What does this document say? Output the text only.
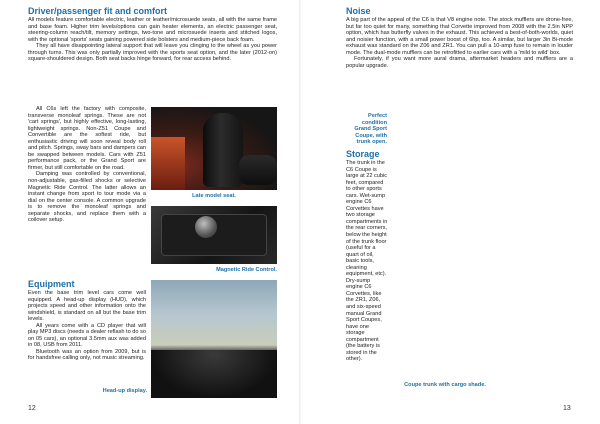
Driver/passenger fit and comfort

All models feature comfortable electric, leather or leather/microsuede seats, all with the same frame and base foam. Higher trim levels/options can gain heater elements, an electric passenger seat, steering-column reach/tilt, memory settings, two-tone and microsuede inserts and stitched logos, with the optional 'sports' seats gaining powered side bolsters and medium-piece back foam.

They all have disappointing lateral support that will leave you clinging to the wheel as you power through turns. This was only partially improved with the sports seat option, and the later (2012-on) square-shouldered design. Both seat backs hinge forward, for rear access behind.

All C6s left the factory with composite, transverse monoleaf springs. These are not 'cart springs', but highly effective, long-lasting, lightweight springs. Non-Z51 Coupe and Convertible are the softest ride, but enthusiastic driving will soon reveal body roll and pitch. Springs, sway bars and dampers can be swapped between models. Cars with Z51 performance pack, or the Grand Sport are firmer, but still comfortable on the road.

Damping was controlled by conventional, non-adjustable, gas-filled shocks or selective Magnetic Ride Control. The latter allows an instant change from sport to tour mode via a dial on the center console. A common upgrade is to remove the monoleaf springs and separate shocks, and replace them with a coilover setup.

Late model seat.

Magnetic Ride Control.

Equipment

Even the base trim level cars come well equipped. A head-up display (HUD), which projects speed and other information onto the windshield, is standard on all but the base trim levels.

All years come with a CD player that will play MP3 discs (needs a dealer reflash to do so on 05 cars), an optional 3.5mm aux was added in 08, USB from 2011.

Bluetooth was an option from 2009, but is for handsfree calling only, not music streaming.

Head-up display.

12

Noise

A big part of the appeal of the C6 is that V8 engine note. The stock mufflers are drone-free, but far too quiet for many, something that Corvette improved from 2008 with the 2.5in NPP option, which has butterfly valves in the exhaust. This achieved a best-of-both-worlds, quiet and noisier function, with a small power boost of 6hp, too. A similar, but larger 3in Bi-mode exhaust was standard on the Z06 and ZR1. You can pull a 10-amp fuse to remain in louder mode. The dual-mode mufflers can be retrofitted to earlier cars with a 'mild to wild' box.

Fortunately, if you want more aural drama, aftermarket headers and mufflers are a popular upgrade.

Perfect condition Grand Sport Coupe, with trunk open.

Storage

The trunk in the C6 Coupe is large at 22 cubic feet, compared to other sports cars. Wet-sump engine C6 Corvettes have two storage compartments in the rear corners, below the height of the trunk floor (useful for a quart of oil, basic tools, cleaning equipment, etc). Dry-sump engine C6 Corvettes, like the ZR1, Z06, and six-speed manual Grand Sport Coupes, have one storage compartment (the battery is stored in the other).

Coupe trunk with cargo shade.

13
